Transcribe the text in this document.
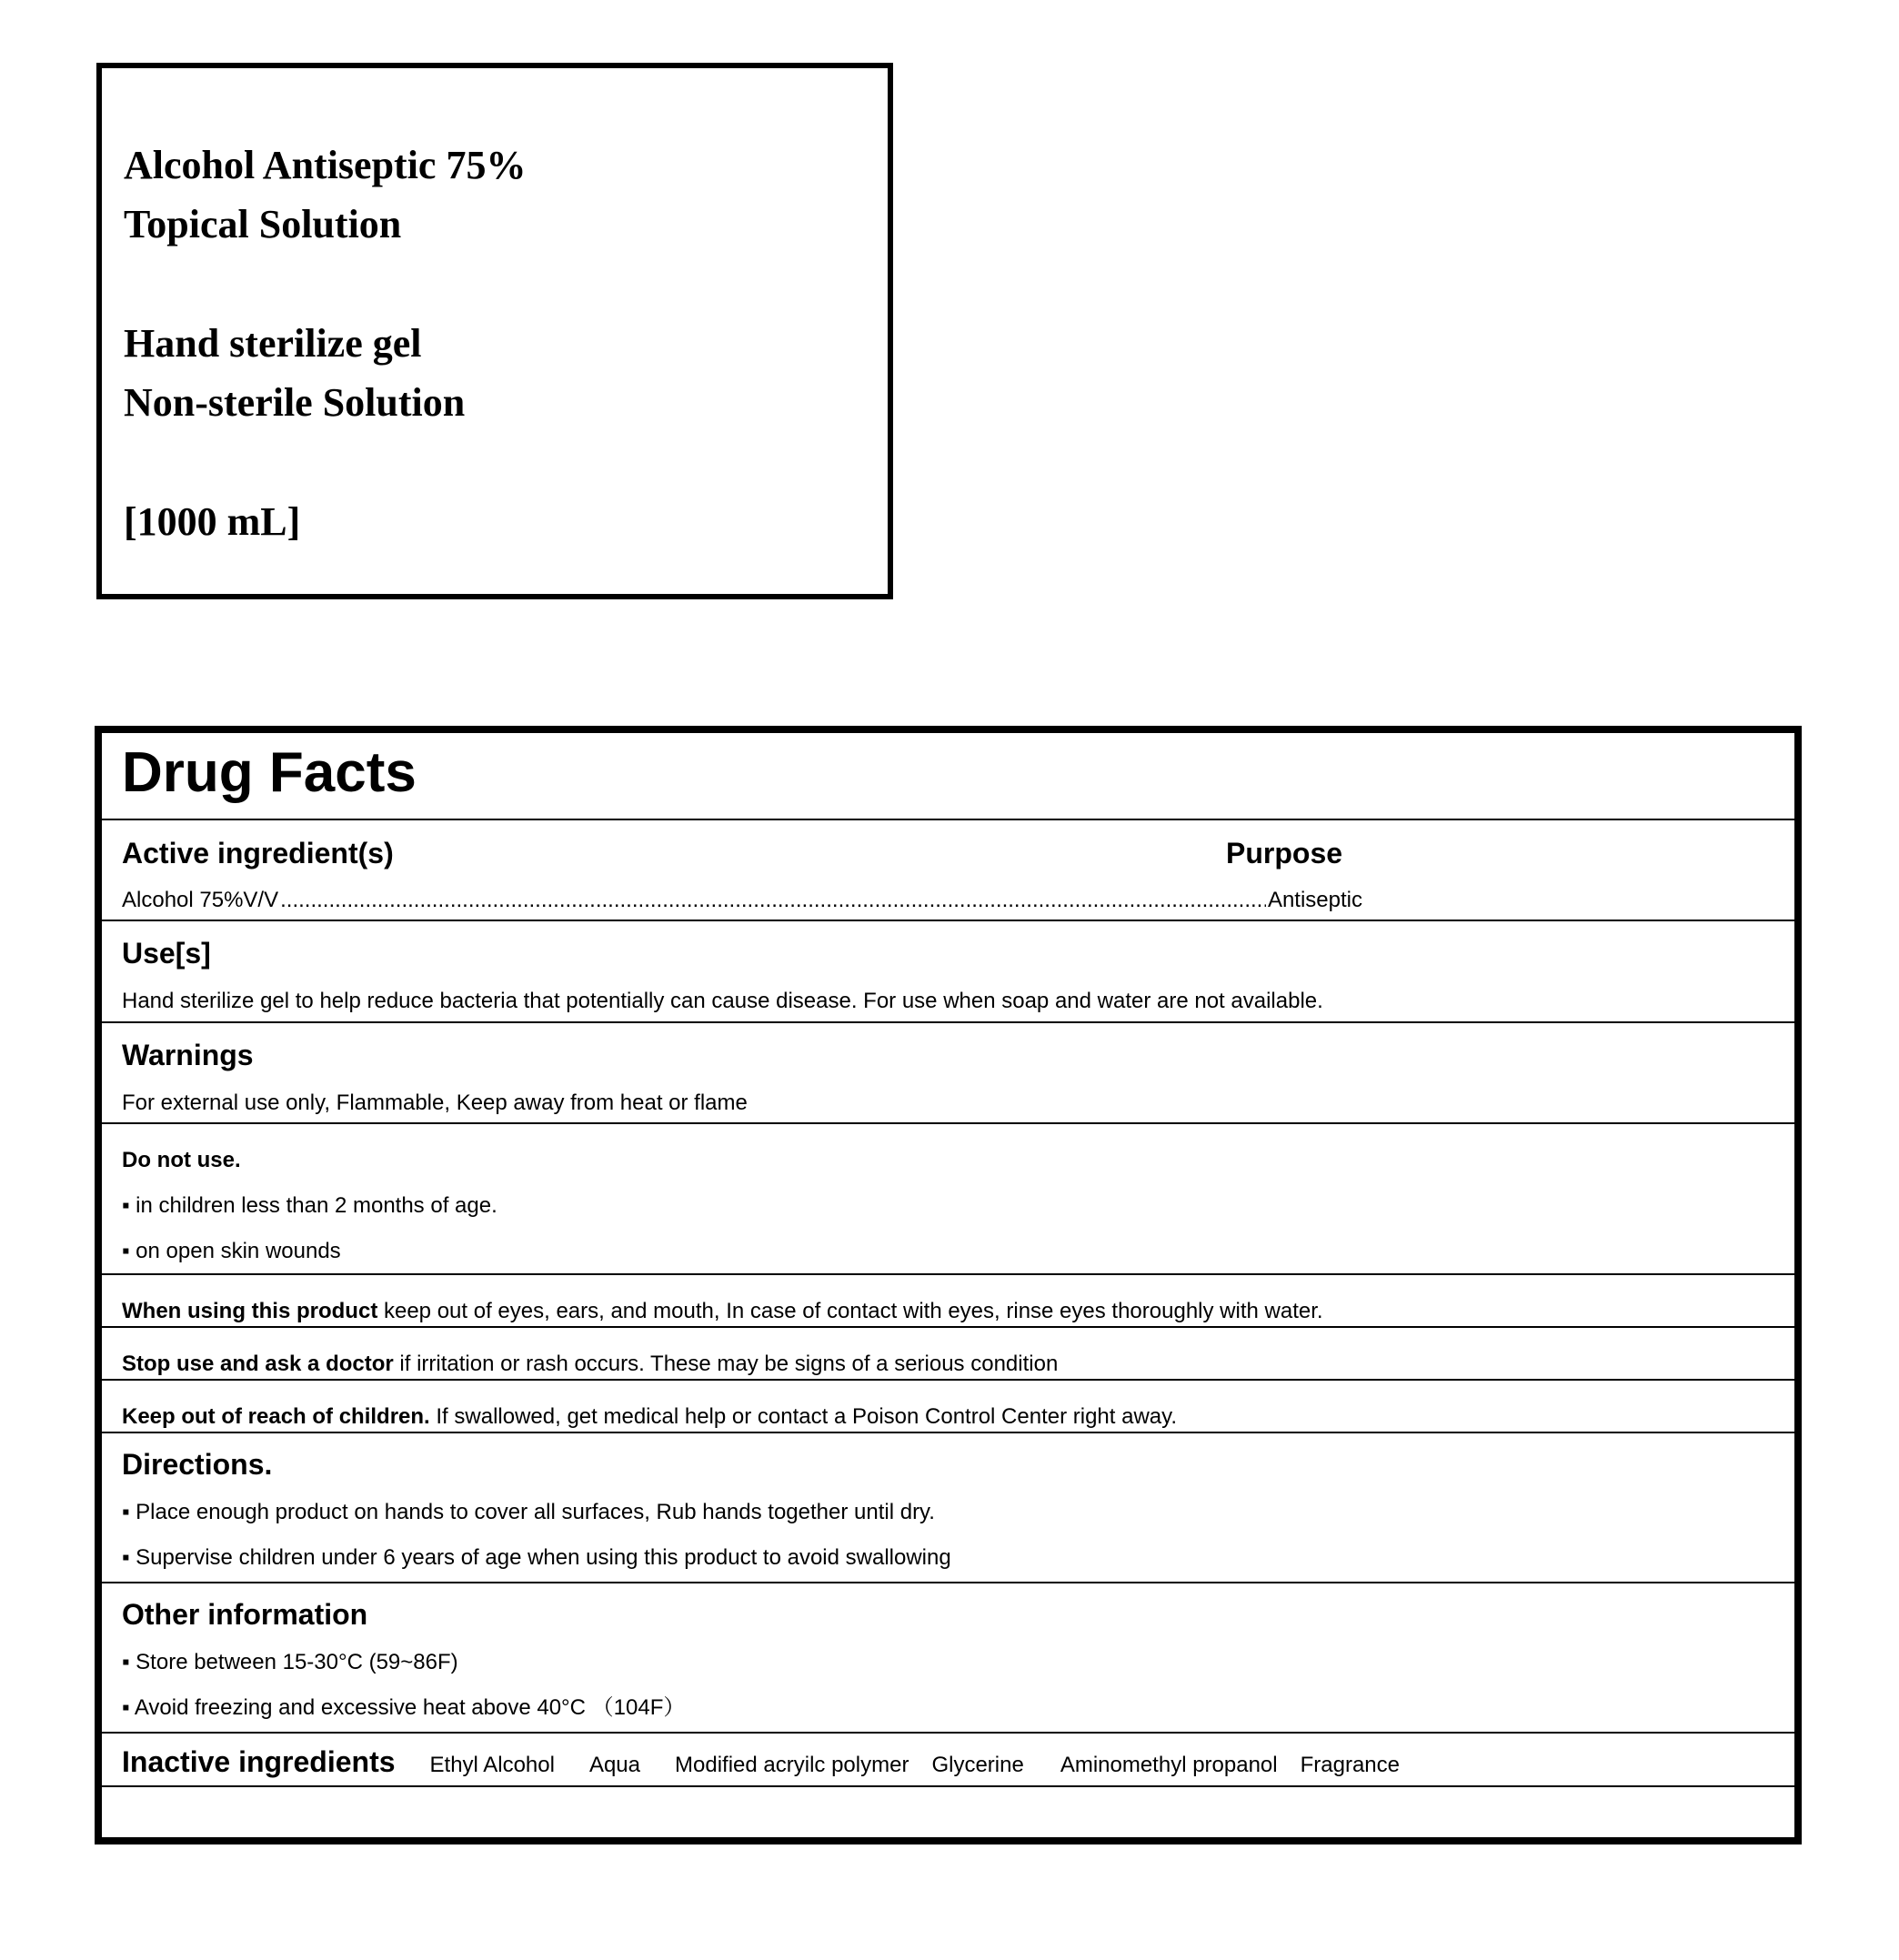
Alcohol Antiseptic 75%
Topical Solution
Hand sterilize gel
Non-sterile Solution
[1000 mL]
Drug Facts
Active ingredient(s)	Purpose
Alcohol 75%V/V
.....	Antiseptic
Use[s]
Hand sterilize gel to help reduce bacteria that potentially can cause disease. For use when soap and water are not available.
Warnings
For external use only, Flammable, Keep away from heat or flame
Do not use.
▪ in children less than 2 months of age.
▪ on open skin wounds
When using this product keep out of eyes, ears, and mouth, In case of contact with eyes, rinse eyes thoroughly with water.
Stop use and ask a doctor if irritation or rash occurs. These may be signs of a serious condition
Keep out of reach of children. If swallowed, get medical help or contact a Poison Control Center right away.
Directions.
▪ Place enough product on hands to cover all surfaces, Rub hands together until dry.
▪ Supervise children under 6 years of age when using this product to avoid swallowing
Other information
▪ Store between 15-30°C (59~86F)
▪ Avoid freezing and excessive heat above 40°C （104F）
Inactive ingredients Ethyl Alcohol Aqua Modified acryilc polymer Glycerine Aminomethyl propanol Fragrance
